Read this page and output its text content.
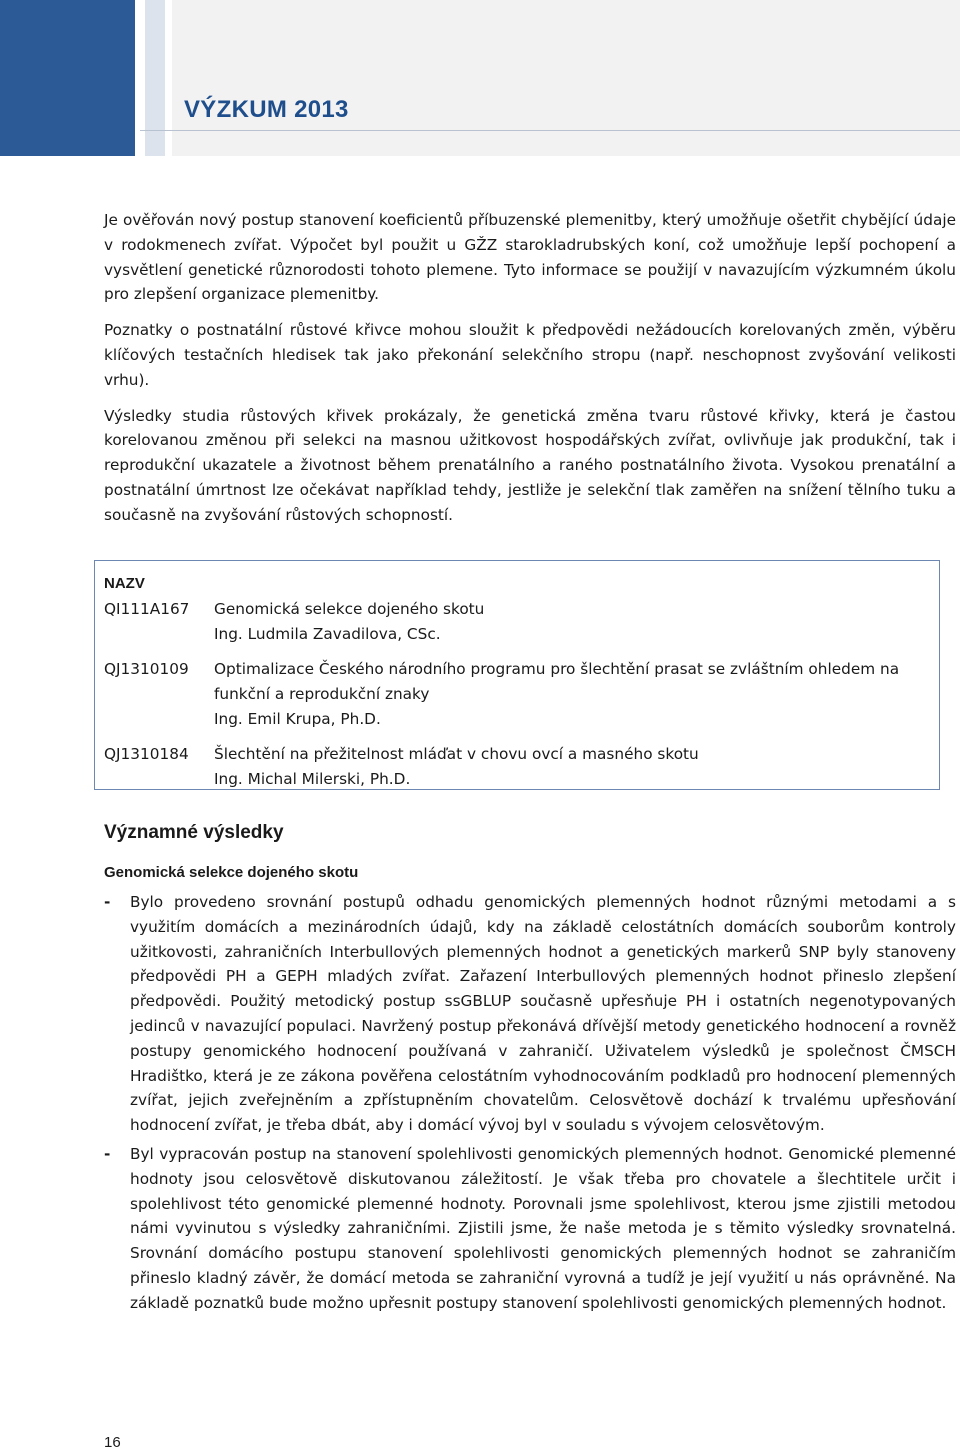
VÝZKUM 2013

Je ověřován nový postup stanovení koeficientů příbuzenské plemenitby, který umožňuje ošetřit chybějící údaje v rodokmenech zvířat. Výpočet byl použit u GŽZ starokladrubských koní, což umožňuje lepší pochopení a vysvětlení genetické různorodosti tohoto plemene. Tyto informace se použijí v navazujícím výzkumném úkolu pro zlepšení organizace plemenitby.

Poznatky o postnatální růstové křivce mohou sloužit k předpovědi nežádoucích korelovaných změn, výběru klíčových testačních hledisek tak jako překonání selekčního stropu (např. neschopnost zvyšování velikosti vrhu).

Výsledky studia růstových křivek prokázaly, že genetická změna tvaru růstové křivky, která je častou korelovanou změnou při selekci na masnou užitkovost hospodářských zvířat, ovlivňuje jak produkční, tak i reprodukční ukazatele a životnost během prenatálního a raného postnatálního života. Vysokou prenatální a postnatální úmrtnost lze očekávat například tehdy, jestliže je selekční tlak zaměřen na snížení tělního tuku a současně na zvyšování růstových schopností.

NAZV
QI111A167 Genomická selekce dojeného skotu
Ing. Ludmila Zavadilova, CSc.
QJ1310109 Optimalizace Českého národního programu pro šlechtění prasat se zvláštním ohledem na funkční a reprodukční znaky
Ing. Emil Krupa, Ph.D.
QJ1310184 Šlechtění na přežitelnost mláďat v chovu ovcí a masného skotu
Ing. Michal Milerski, Ph.D.
Významné výsledky
Genomická selekce dojeného skotu
- Bylo provedeno srovnání postupů odhadu genomických plemenných hodnot různými metodami a s využitím domácích a mezinárodních údajů, kdy na základě celostátních domácích souborům kontroly užitkovosti, zahraničních Interbullových plemenných hodnot a genetických markerů SNP byly stanoveny předpovědi PH a GEPH mladých zvířat. Zařazení Interbullových plemenných hodnot přineslo zlepšení předpovědi. Použitý metodický postup ssGBLUP současně upřesňuje PH i ostatních negenotypovaných jedinců v navazující populaci. Navržený postup překonává dřívější metody genetického hodnocení a rovněž postupy genomického hodnocení používaná v zahraničí. Uživatelem výsledků je společnost ČMSCH Hradištko, která je ze zákona pověřena celostátním vyhodnocováním podkladů pro hodnocení plemenných zvířat, jejich zveřejněním a zpřístupněním chovatelům. Celosvětově dochází k trvalému upřesňování hodnocení zvířat, je třeba dbát, aby i domácí vývoj byl v souladu s vývojem celosvětovým.
- Byl vypracován postup na stanovení spolehlivosti genomických plemenných hodnot. Genomické plemenné hodnoty jsou celosvětově diskutovanou záležitostí. Je však třeba pro chovatele a šlechtitele určit i spolehlivost této genomické plemenné hodnoty. Porovnali jsme spolehlivost, kterou jsme zjistili metodou námi vyvinutou s výsledky zahraničními. Zjistili jsme, že naše metoda je s těmito výsledky srovnatelná. Srovnání domácího postupu stanovení spolehlivosti genomických plemenných hodnot se zahraničím přineslo kladný závěr, že domácí metoda se zahraniční vyrovná a tudíž je její využití u nás oprávněné. Na základě poznatků bude možno upřesnit postupy stanovení spolehlivosti genomických plemenných hodnot.
16
